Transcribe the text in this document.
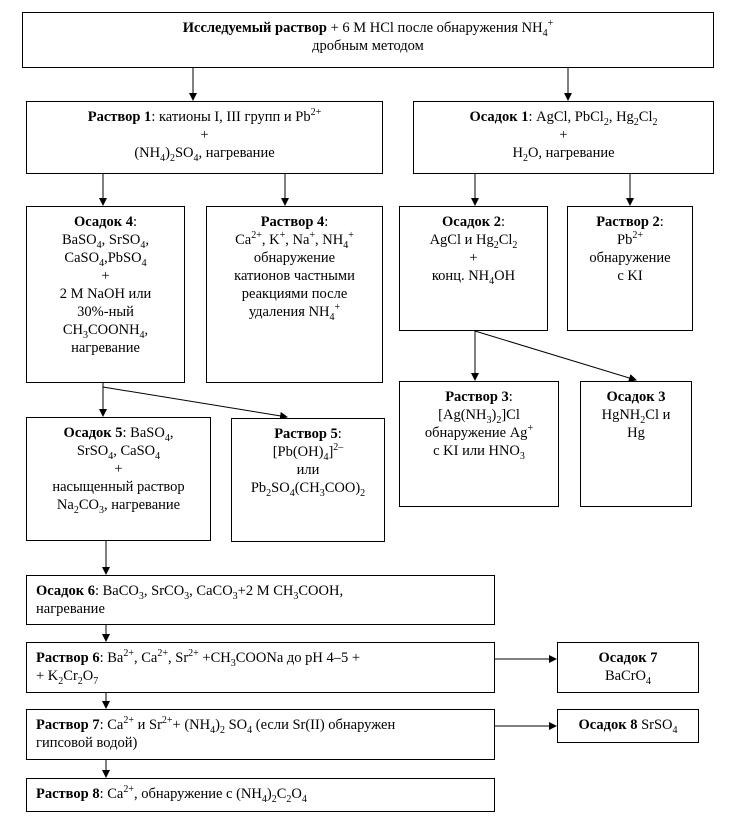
Исследуемый раствор + 6 М HCl после обнаружения $NH_4^+$
дробным методом
Раствор 1: катионы I, III групп и $Pb^{2+}$
+
$(NH_4)_2SO_4$, нагревание
Осадок 1: AgCl, PbCl$_2$, $Hg_2Cl_2$
+
$H_2O$, нагревание
Осадок 4:
BaSO$_4$, SrSO$_4$,
CaSO$_4$,PbSO$_4$
+
2 М NaOH или
30%-ный
$CH_3COONH_4$,
нагревание
Раствор 4:
$Ca^{2+}$, K+, Na+, $NH_4^+$
обнаружение
катионов частными
реакциями после
удаления $NH_4^+$
Осадок 2:
AgCl и $Hg_2Cl_2$
+
конц. $NH_4OH$
Раствор 2:
$Pb^{2+}$
обнаружение
с KI
Раствор 3:
$[Ag(NH_3)_2]Cl$
обнаружение Ag+
с KI или $HNO_3$
Осадок 3
HgNH$_2$Cl и
Hg
Осадок 5: BaSO$_4$,
SrSO$_4$, CaSO$_4$
+
насыщенный раствор
$Na_2CO_3$, нагревание
Раствор 5:
$[Pb(OH)_4]^{2-}$
или
$Pb_2SO_4(CH_3COO)_2$
Осадок 6: BaCO$_3$, SrCO$_3$, CaCO$_3$+2 М $CH_3COOH$,
нагревание
Раствор 6: $Ba^{2+}$, $Ca^{2+}$, $Sr^{2+}$ $+CH_3COONa$ до pH 4–5 +
+ $K_2Cr_2O_7$
Осадок 7
BaCrO$_4$
Раствор 7: $Ca^{2+}$ и $Sr^{2+}+ (NH_4)_2$ $SO_4$ (если Sr(II) обнаружен
гипсовой водой)
Осадок 8 SrSO$_4$
Раствор 8: $Ca^{2+}$, обнаружение с $(NH_4)_2C_2O_4$
